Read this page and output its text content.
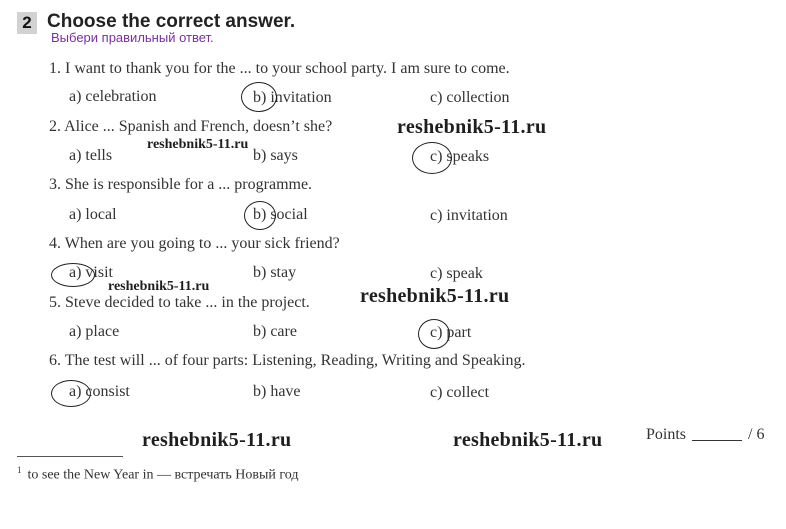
2 Choose the correct answer.
Выбери правильный ответ.
1. I want to thank you for the ... to your school party. I am sure to come.
a) celebration	b) invitation	c) collection
2. Alice ... Spanish and French, doesn’t she?
a) tells	b) says	c) speaks
3. She is responsible for a ... programme.
a) local	b) social	c) invitation
4. When are you going to ... your sick friend?
a) visit	b) stay	c) speak
5. Steve decided to take ... in the project.
a) place	b) care	c) part
6. The test will ... of four parts: Listening, Reading, Writing and Speaking.
a) consist	b) have	c) collect
reshebnik5-11.ru
reshebnik5-11.ru
reshebnik5-11.ru	reshebnik5-11.ru
reshebnik5-11.ru	reshebnik5-11.ru	Points	/ 6
$^1$ to see the New Year in — встречать Новый год
